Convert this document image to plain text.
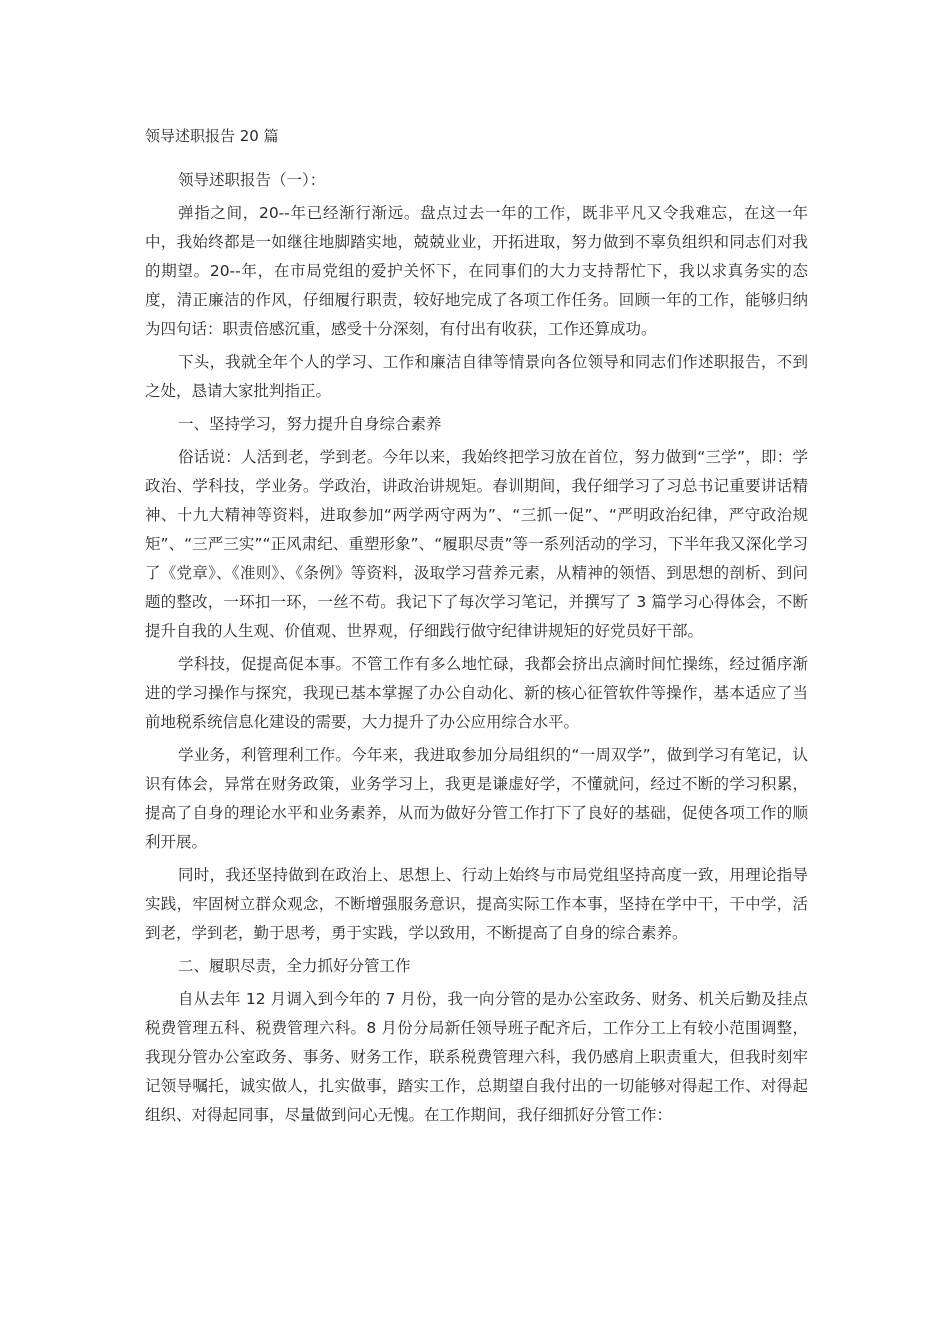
领导述职报告 20 篇

领导述职报告（一）：

弹指之间，20--年已经渐行渐远。盘点过去一年的工作，既非平凡又令我难忘，在这一年中，我始终都是一如继往地脚踏实地，兢兢业业，开拓进取，努力做到不辜负组织和同志们对我的期望。20--年，在市局党组的爱护关怀下，在同事们的大力支持帮忙下，我以求真务实的态度，清正廉洁的作风，仔细履行职责，较好地完成了各项工作任务。回顾一年的工作，能够归纳为四句话：职责倍感沉重，感受十分深刻，有付出有收获，工作还算成功。

下头，我就全年个人的学习、工作和廉洁自律等情景向各位领导和同志们作述职报告，不到之处，恳请大家批判指正。

一、坚持学习，努力提升自身综合素养

俗话说：人活到老，学到老。今年以来，我始终把学习放在首位，努力做到“三学”，即：学政治、学科技，学业务。学政治，讲政治讲规矩。春训期间，我仔细学习了习总书记重要讲话精神、十九大精神等资料，进取参加“两学两守两为”、“三抓一促”、“严明政治纪律，严守政治规矩”、“三严三实”“正风肃纪、重塑形象”、“履职尽责”等一系列活动的学习，下半年我又深化学习了《党章》、《准则》、《条例》等资料，汲取学习营养元素，从精神的领悟、到思想的剖析、到问题的整改，一环扣一环，一丝不苟。我记下了每次学习笔记，并撰写了 3 篇学习心得体会，不断提升自我的人生观、价值观、世界观，仔细践行做守纪律讲规矩的好党员好干部。

学科技，促提高促本事。不管工作有多么地忙碌，我都会挤出点滴时间忙操练，经过循序渐进的学习操作与探究，我现已基本掌握了办公自动化、新的核心征管软件等操作，基本适应了当前地税系统信息化建设的需要，大力提升了办公应用综合水平。

学业务，利管理利工作。今年来，我进取参加分局组织的“一周双学”，做到学习有笔记，认识有体会，异常在财务政策，业务学习上，我更是谦虚好学，不懂就问，经过不断的学习积累，提高了自身的理论水平和业务素养，从而为做好分管工作打下了良好的基础，促使各项工作的顺利开展。

同时，我还坚持做到在政治上、思想上、行动上始终与市局党组坚持高度一致，用理论指导实践，牢固树立群众观念，不断增强服务意识，提高实际工作本事，坚持在学中干，干中学，活到老，学到老，勤于思考，勇于实践，学以致用，不断提高了自身的综合素养。

二、履职尽责，全力抓好分管工作

自从去年 12 月调入到今年的 7 月份，我一向分管的是办公室政务、财务、机关后勤及挂点税费管理五科、税费管理六科。8 月份分局新任领导班子配齐后，工作分工上有较小范围调整，我现分管办公室政务、事务、财务工作，联系税费管理六科，我仍感肩上职责重大，但我时刻牢记领导嘱托，诚实做人，扎实做事，踏实工作，总期望自我付出的一切能够对得起工作、对得起组织、对得起同事，尽量做到问心无愧。在工作期间，我仔细抓好分管工作：
